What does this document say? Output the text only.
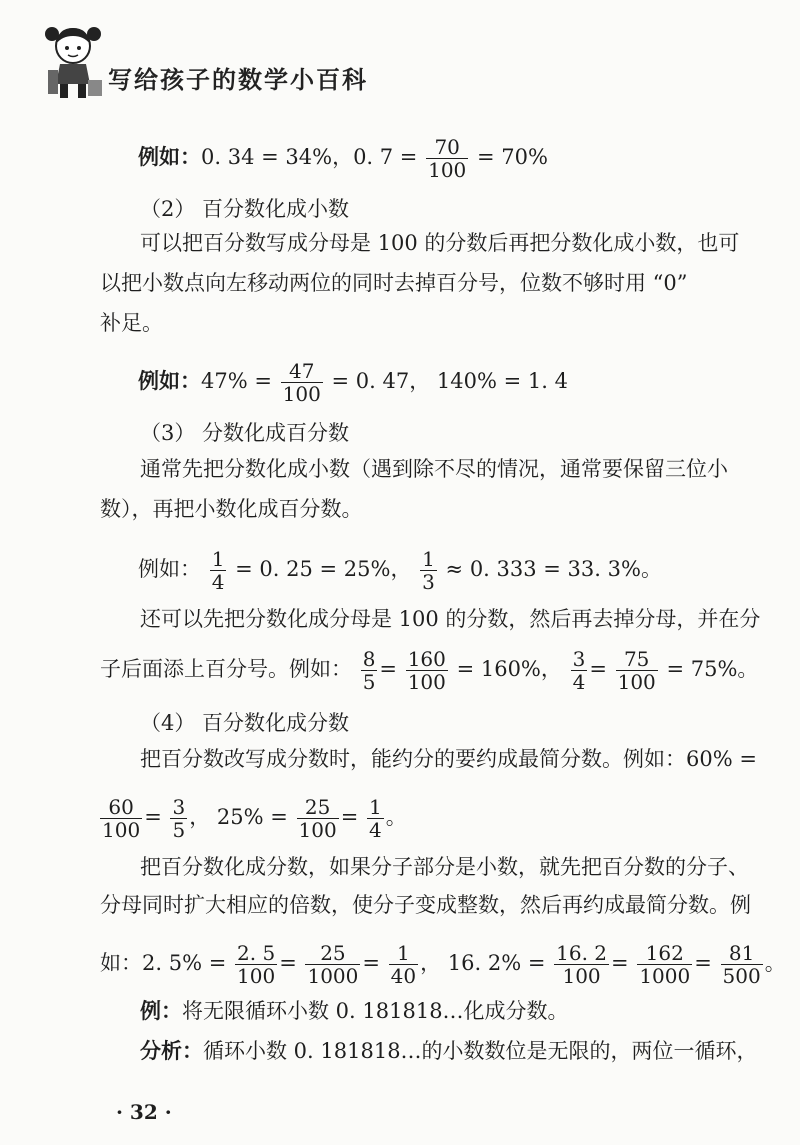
写给孩子的数学小百科
例如：0. 34 = 34%，0. $7 = \frac{70}{100} = 70\%$
（2） 百分数化成小数
可以把百分数写成分母是 100 的分数后再把分数化成小数，也可
以把小数点向左移动两位的同时去掉百分号，位数不够时用 “0”
补足。
例如：$47\% = \frac{47}{100} = 0$. 47， 140% = 1. 4
（3） 分数化成百分数
通常先把分数化成小数（遇到除不尽的情况，通常要保留三位小
数），再把小数化成百分数。
例如： $\frac{1}{4} = 0$. 25 = 25%， $\frac{1}{3} \approx 0$. 333 = 33. 3%。
还可以先把分数化成分母是 100 的分数，然后再去掉分母，并在分
子后面添上百分号。例如： $\frac{8}{5} = \frac{160}{100} = 160\%$， $\frac{3}{4} = \frac{75}{100} = 75\%$。
（4） 百分数化成分数
把百分数改写成分数时，能约分的要约成最简分数。例如：60% =
$\frac{60}{100} = \frac{3}{5}$ ， $25\% = \frac{25}{100} = \frac{1}{4}$ 。
把百分数化成分数，如果分子部分是小数，就先把百分数的分子、
分母同时扩大相应的倍数，使分子变成整数，然后再约成最简分数。例
如：2. $5\% = \frac{2. 5}{100} = \frac{25}{1000} = \frac{1}{40}$ ， 16. $2\% = \frac{16. 2}{100} = \frac{162}{1000} = \frac{81}{500}$ 。
例：将无限循环小数 0. 181818…化成分数。
分析：循环小数 0. 181818…的小数数位是无限的，两位一循环，
· 32 ·
